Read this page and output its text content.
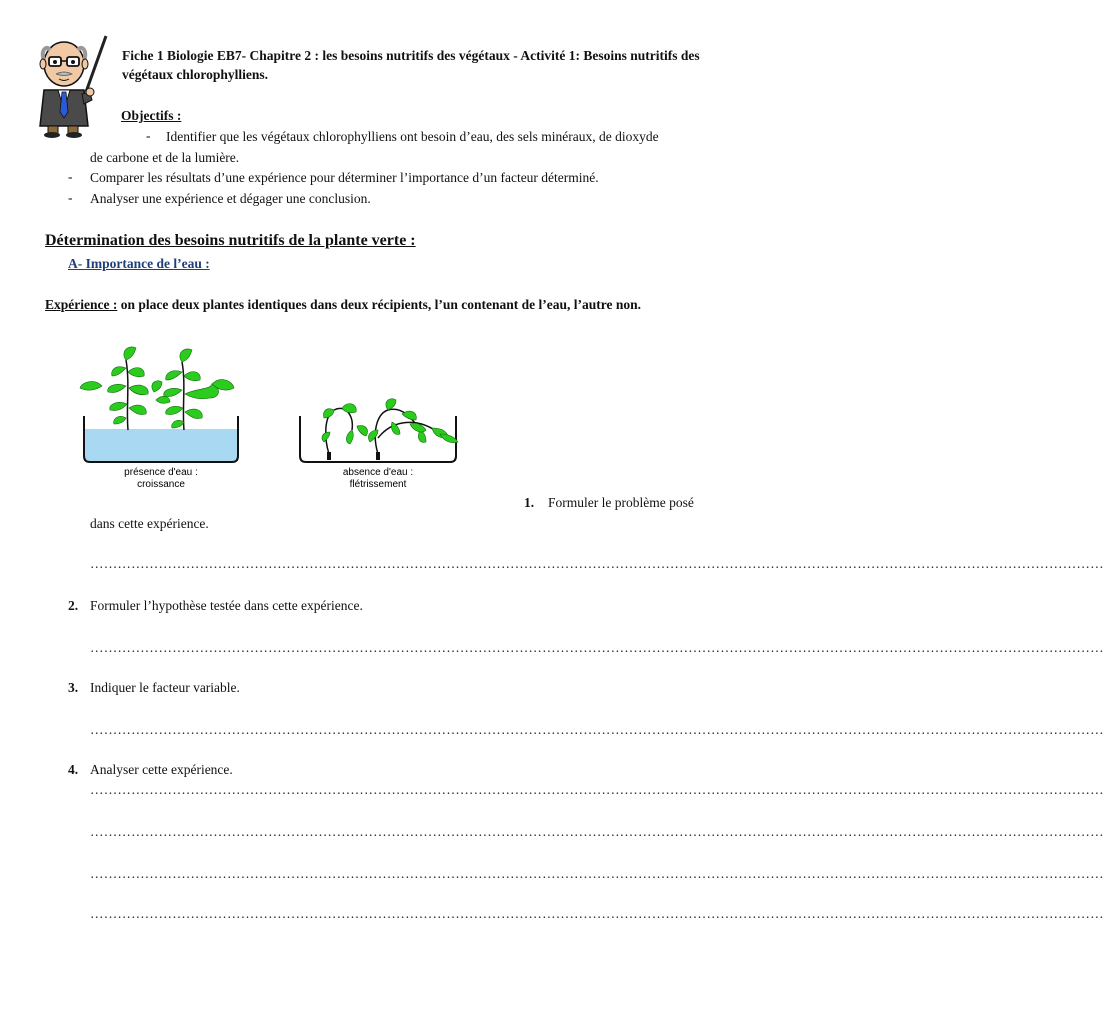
Fiche 1 Biologie EB7- Chapitre 2 : les besoins nutritifs des végétaux - Activité 1: Besoins nutritifs des végétaux chlorophylliens.
Objectifs :
- Identifier que les végétaux chlorophylliens ont besoin d’eau, des sels minéraux, de dioxyde
de carbone et de la lumière.
- Comparer les résultats d’une expérience pour déterminer l’importance d’un facteur déterminé.
- Analyser une expérience et dégager une conclusion.
Détermination des besoins nutritifs de la plante verte :
A- Importance de l’eau :
Expérience : on place deux plantes identiques dans deux récipients, l’un contenant de l’eau, l’autre non.
présence d'eau :
croissance
absence d'eau :
flétrissement
1. Formuler le problème posé
dans cette expérience.
……………………………………………………………………………………………………………………………………………………………………………………………………
2. Formuler l’hypothèse testée dans cette expérience.
……………………………………………………………………………………………………………………………………………………………………………………………………
3. Indiquer le facteur variable.
……………………………………………………………………………………………………………………………………………………………………………………………………
4. Analyser cette expérience.
……………………………………………………………………………………………………………………………………………………………………………………………………
……………………………………………………………………………………………………………………………………………………………………………………………………
……………………………………………………………………………………………………………………………………………………………………………………………………
……………………………………………………………………………………………………………………………………………………………………………………………………
